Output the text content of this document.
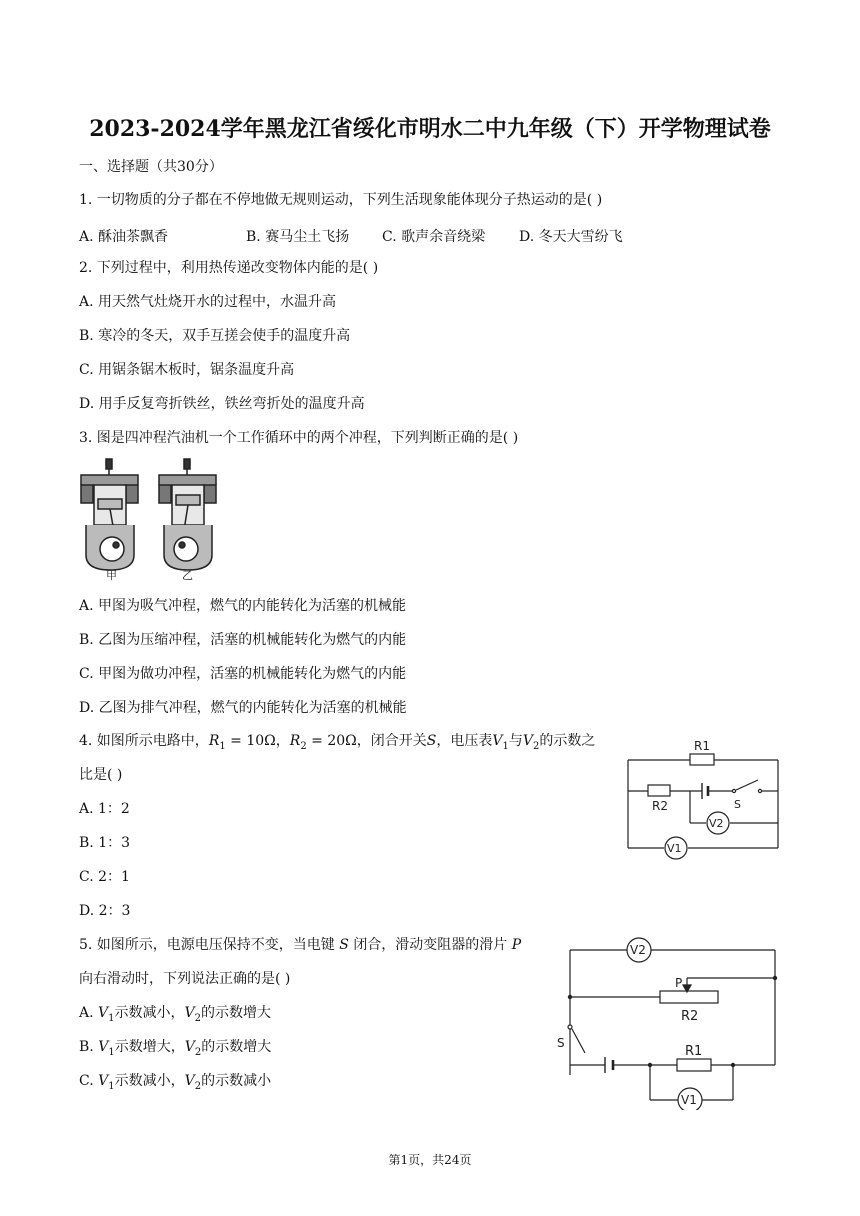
2023-2024学年黑龙江省绥化市明水二中九年级（下）开学物理试卷
一、选择题（共30分）
1. 一切物质的分子都在不停地做无规则运动，下列生活现象能体现分子热运动的是( )
A. 酥油茶飘香	B. 赛马尘土飞扬 C. 歌声余音绕梁 D. 冬天大雪纷飞
2. 下列过程中，利用热传递改变物体内能的是( )
A. 用天然气灶烧开水的过程中，水温升高
B. 寒冷的冬天，双手互搓会使手的温度升高
C. 用锯条锯木板时，锯条温度升高
D. 用手反复弯折铁丝，铁丝弯折处的温度升高
3. 图是四冲程汽油机一个工作循环中的两个冲程，下列判断正确的是( )
甲	乙
A. 甲图为吸气冲程，燃气的内能转化为活塞的机械能
B. 乙图为压缩冲程，活塞的机械能转化为燃气的内能
C. 甲图为做功冲程，活塞的机械能转化为燃气的内能
D. 乙图为排气冲程，燃气的内能转化为活塞的机械能
4. 如图所示电路中，$R_1 = 10\Omega$，$R_2 = 20\Omega$，闭合开关S，电压表$V_1$与$V_2$的示数之
比是( )
A. 1：2
B. 1：3
C. 2：1
D. 2：3
R1
R2	S
V2
V1
5. 如图所示，电源电压保持不变，当电键 S 闭合，滑动变阻器的滑片 P
向右滑动时，下列说法正确的是( )
A. $V_1$示数减小，$V_2$的示数增大
B. $V_1$示数增大，$V_2$的示数增大
C. $V_1$示数减小，$V_2$的示数减小
V2
P
R2
S
R1
V1
第1页，共24页
